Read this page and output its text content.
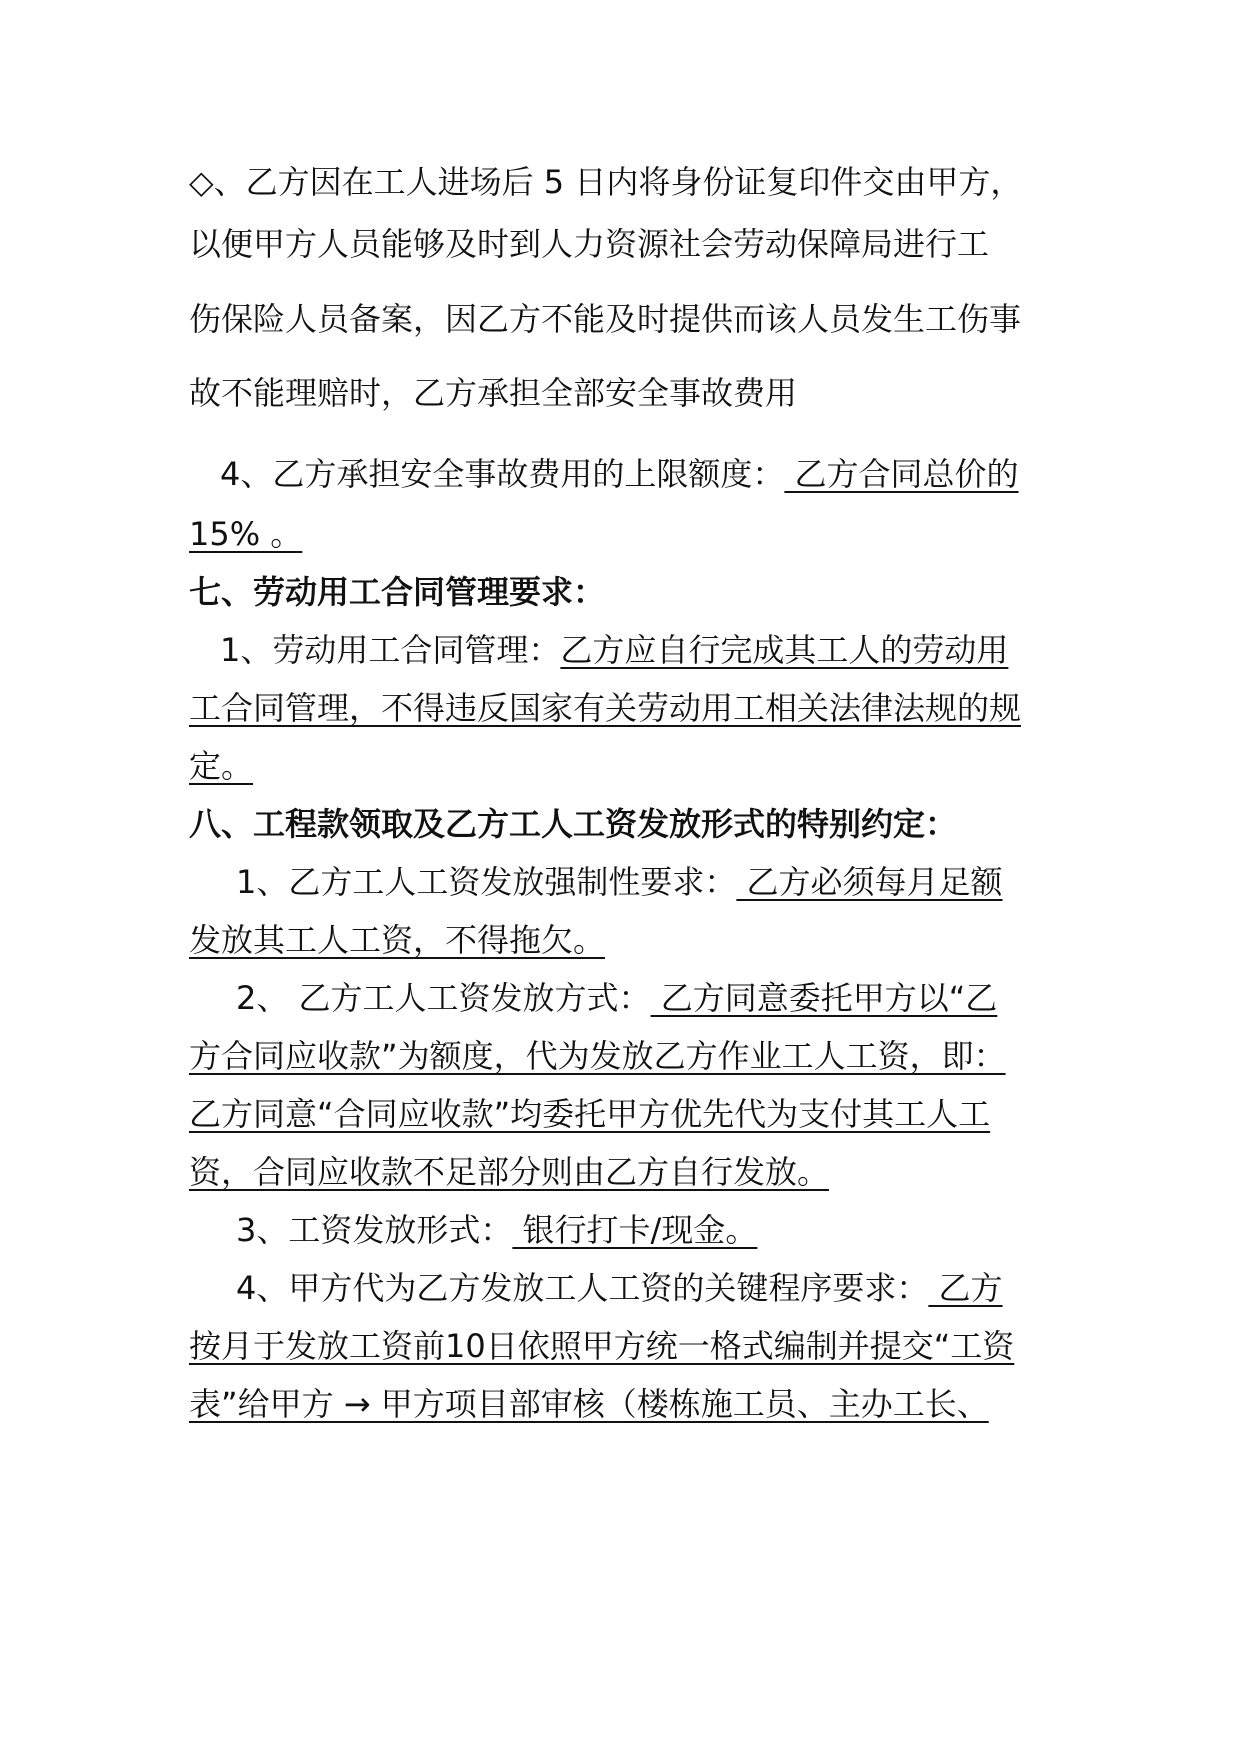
◇、乙方因在工人进场后 5 日内将身份证复印件交由甲方，
以便甲方人员能够及时到人力资源社会劳动保障局进行工
伤保险人员备案，因乙方不能及时提供而该人员发生工伤事
故不能理赔时，乙方承担全部安全事故费用
4、乙方承担安全事故费用的上限额度： 乙方合同总价的
15% 。
七、劳动用工合同管理要求：
1、劳动用工合同管理：乙方应自行完成其工人的劳动用
工合同管理，不得违反国家有关劳动用工相关法律法规的规
定。
八、工程款领取及乙方工人工资发放形式的特别约定：
1、乙方工人工资发放强制性要求： 乙方必须每月足额
发放其工人工资，不得拖欠。
2、 乙方工人工资发放方式： 乙方同意委托甲方以“乙
方合同应收款”为额度，代为发放乙方作业工人工资，即：
乙方同意“合同应收款”均委托甲方优先代为支付其工人工
资，合同应收款不足部分则由乙方自行发放。
3、工资发放形式： 银行打卡/现金。
4、甲方代为乙方发放工人工资的关键程序要求： 乙方
按月于发放工资前10日依照甲方统一格式编制并提交“工资
表”给甲方 → 甲方项目部审核（楼栋施工员、主办工长、
